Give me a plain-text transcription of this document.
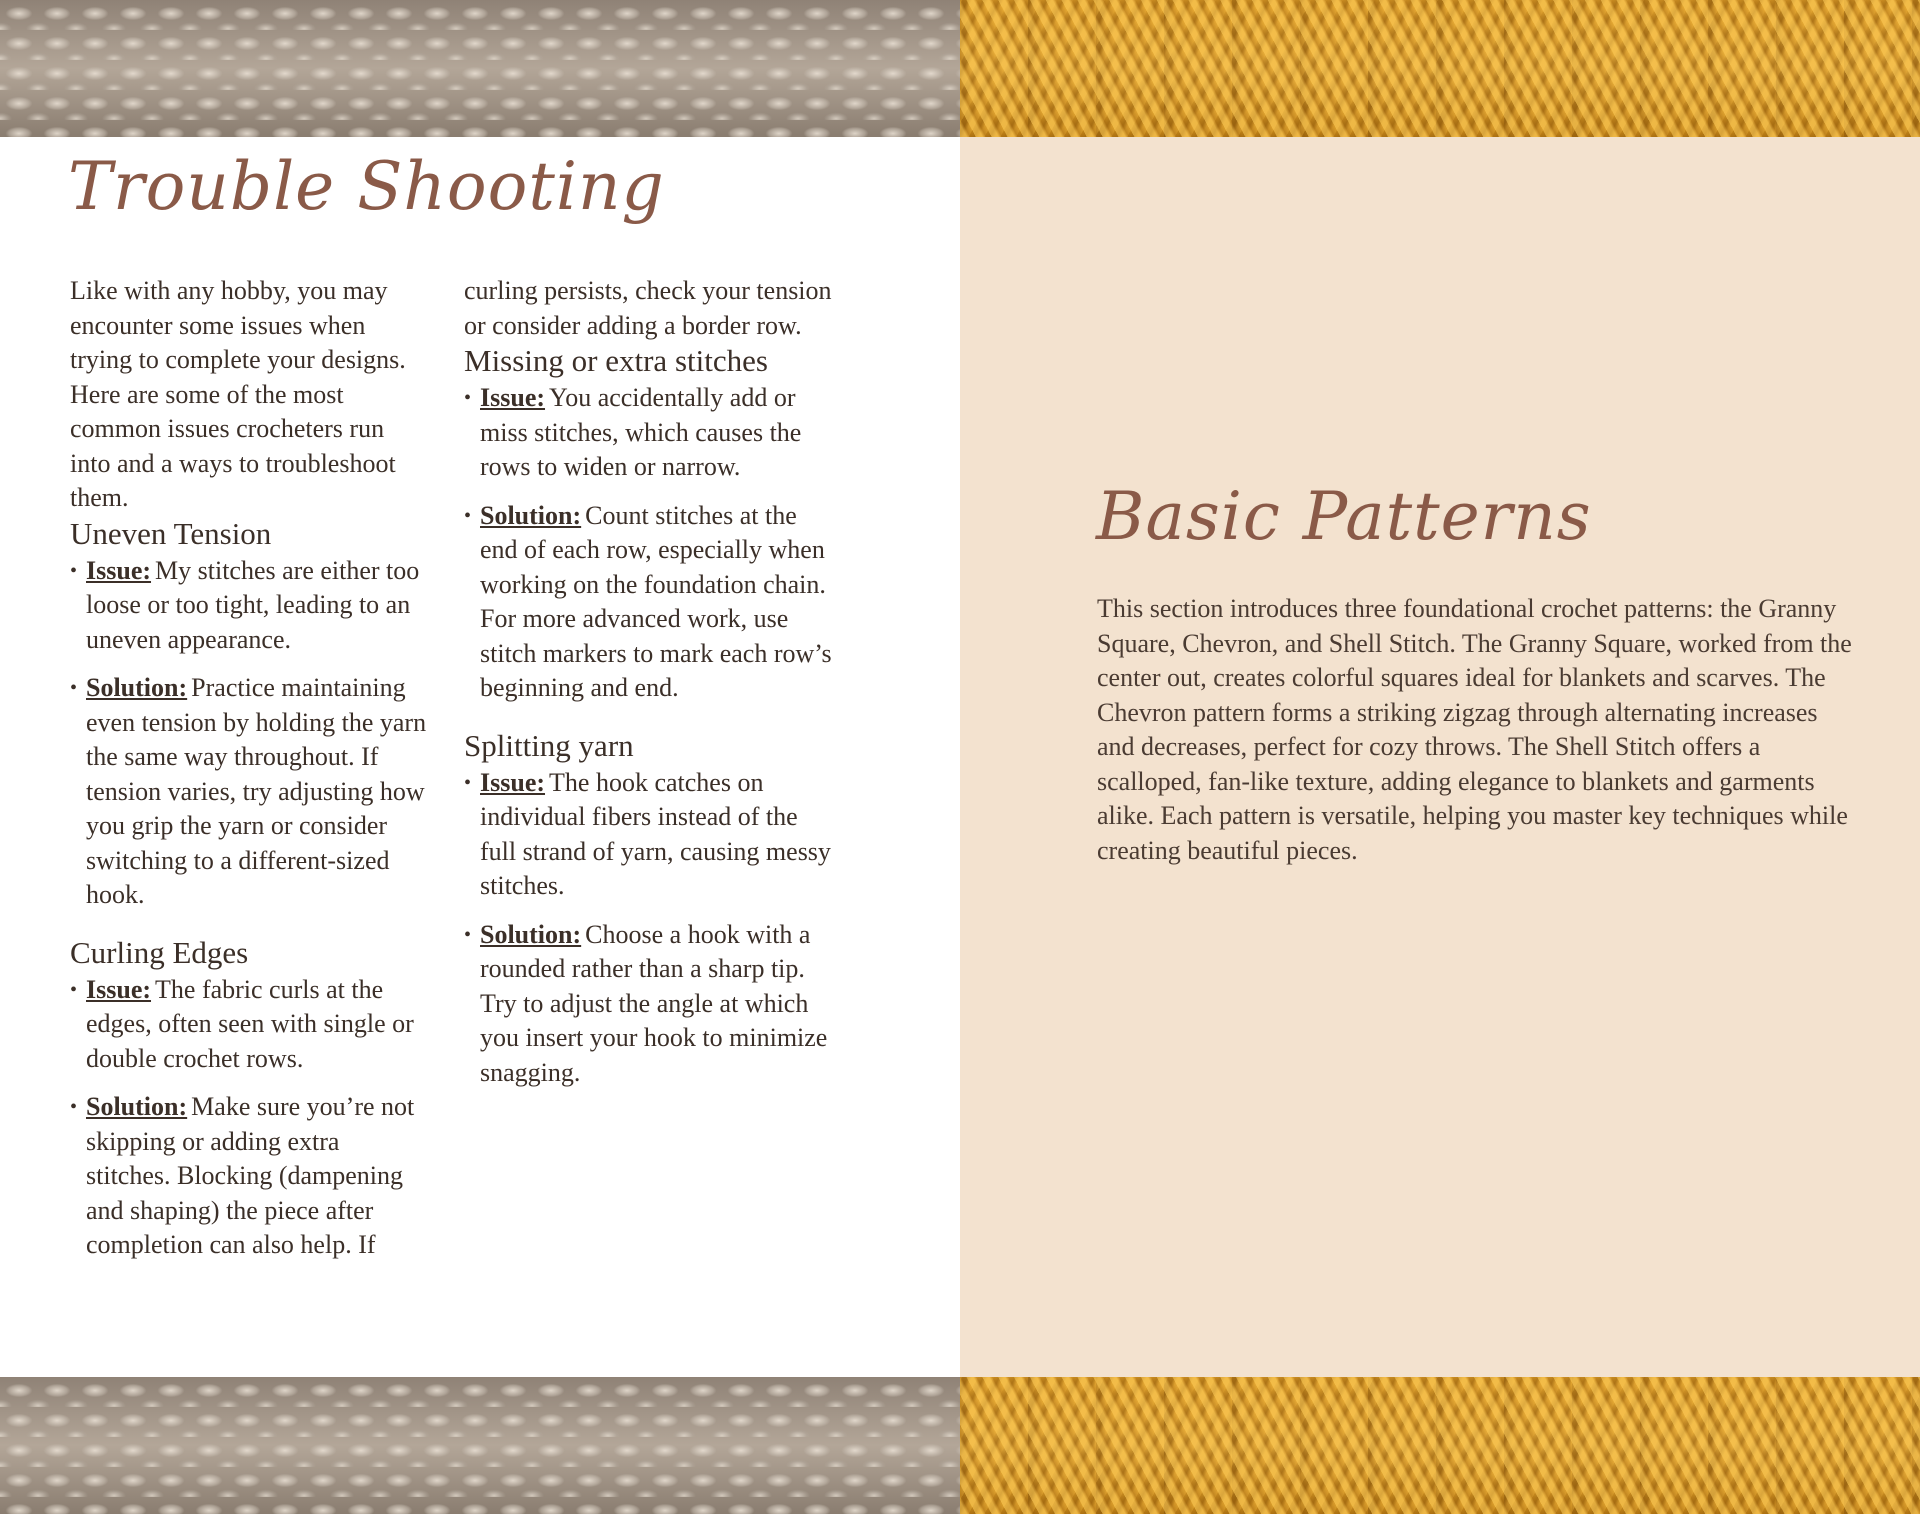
Trouble Shooting

Like with any hobby, you may encounter some issues when trying to complete your designs. Here are some of the most common issues crocheters run into and a ways to troubleshoot them.

Uneven Tension
• Issue: My stitches are either too loose or too tight, leading to an uneven appearance.
• Solution: Practice maintaining even tension by holding the yarn the same way throughout. If tension varies, try adjusting how you grip the yarn or consider switching to a different-sized hook.
Curling Edges
• Issue: The fabric curls at the edges, often seen with single or double crochet rows.
• Solution: Make sure you’re not skipping or adding extra stitches. Blocking (dampening and shaping) the piece after completion can also help. If

curling persists, check your tension or consider adding a border row.

Missing or extra stitches
• Issue: You accidentally add or miss stitches, which causes the rows to widen or narrow.
• Solution: Count stitches at the end of each row, especially when working on the foundation chain. For more advanced work, use stitch markers to mark each row’s beginning and end.
Splitting yarn
• Issue: The hook catches on individual fibers instead of the full strand of yarn, causing messy stitches.
• Solution: Choose a hook with a rounded rather than a sharp tip. Try to adjust the angle at which you insert your hook to minimize snagging.
Basic Patterns

This section introduces three foundational crochet patterns: the Granny Square, Chevron, and Shell Stitch. The Granny Square, worked from the center out, creates colorful squares ideal for blankets and scarves. The Chevron pattern forms a striking zigzag through alternating increases and decreases, perfect for cozy throws. The Shell Stitch offers a scalloped, fan-like texture, adding elegance to blankets and garments alike. Each pattern is versatile, helping you master key techniques while creating beautiful pieces.
